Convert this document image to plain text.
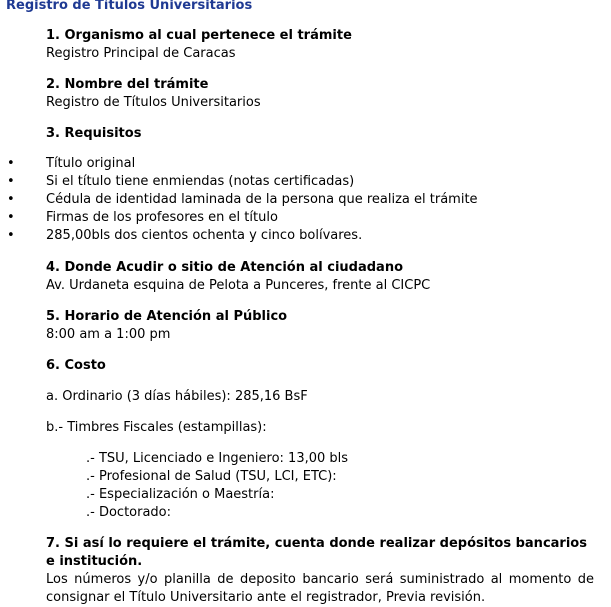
Registro de Títulos Universitarios
1. Organismo al cual pertenece el trámite
Registro Principal de Caracas
2. Nombre del trámite
Registro de Títulos Universitarios
3. Requisitos
• Título original
• Si el título tiene enmiendas (notas certificadas)
• Cédula de identidad laminada de la persona que realiza el trámite
• Firmas de los profesores en el título
• 285,00bls dos cientos ochenta y cinco bolívares.
4. Donde Acudir o sitio de Atención al ciudadano
Av. Urdaneta esquina de Pelota a Punceres, frente al CICPC
5. Horario de Atención al Público
8:00 am a 1:00 pm
6. Costo
a. Ordinario (3 días hábiles): 285,16 BsF
b.- Timbres Fiscales (estampillas):
.- TSU, Licenciado e Ingeniero: 13,00 bls
.- Profesional de Salud (TSU, LCI, ETC):
.- Especialización o Maestría:
.- Doctorado:
7. Si así lo requiere el trámite, cuenta donde realizar depósitos bancarios e institución.
Los números y/o planilla de deposito bancario será suministrado al momento de consignar el Título Universitario ante el registrador, Previa revisión.
